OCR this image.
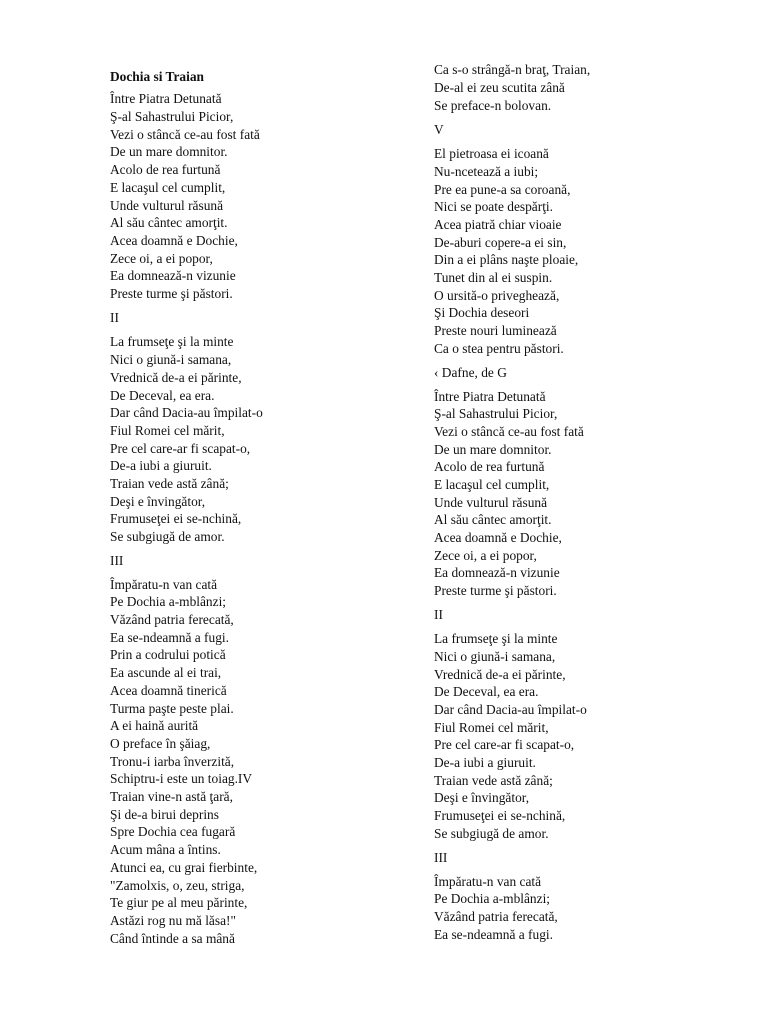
Dochia si Traian
Între Piatra Detunată
Ş-al Sahastrului Picior,
Vezi o stâncă ce-au fost fată
De un mare domnitor.
Acolo de rea furtună
E lacaşul cel cumplit,
Unde vulturul răsună
Al său cântec amorţit.
Acea doamnă e Dochie,
Zece oi, a ei popor,
Ea domnează-n vizunie
Preste turme şi păstori.
II
La frumseţe şi la minte
Nici o giună-i samana,
Vrednică de-a ei părinte,
De Deceval, ea era.
Dar când Dacia-au împilat-o
Fiul Romei cel mărit,
Pre cel care-ar fi scapat-o,
De-a iubi a giuruit.
Traian vede astă zână;
Deşi e învingător,
Frumuseţei ei se-nchină,
Se subgiugă de amor.
III
Împăratu-n van cată
Pe Dochia a-mblânzi;
Văzând patria ferecată,
Ea se-ndeamnă a fugi.
Prin a codrului potică
Ea ascunde al ei trai,
Acea doamnă tinerică
Turma paşte peste plai.
A ei haină aurită
O preface în şăiag,
Tronu-i iarba înverzită,
Schiptru-i este un toiag.IV
Traian vine-n astă ţară,
Şi de-a birui deprins
Spre Dochia cea fugară
Acum mâna a întins.
Atunci ea, cu grai fierbinte,
"Zamolxis, o, zeu, striga,
Te giur pe al meu părinte,
Astăzi rog nu mă lăsa!"
Când întinde a sa mână
Ca s-o strângă-n braţ, Traian,
De-al ei zeu scutita zână
Se preface-n bolovan.
V
El pietroasa ei icoană
Nu-ncetează a iubi;
Pre ea pune-a sa coroană,
Nici se poate despărţi.
Acea piatră chiar vioaie
De-aburi copere-a ei sin,
Din a ei plâns naşte ploaie,
Tunet din al ei suspin.
O ursită-o priveghează,
Şi Dochia deseori
Preste nouri luminează
Ca o stea pentru păstori.
‹ Dafne, de G
Între Piatra Detunată
Ş-al Sahastrului Picior,
Vezi o stâncă ce-au fost fată
De un mare domnitor.
Acolo de rea furtună
E lacaşul cel cumplit,
Unde vulturul răsună
Al său cântec amorţit.
Acea doamnă e Dochie,
Zece oi, a ei popor,
Ea domnează-n vizunie
Preste turme şi păstori.
II
La frumseţe şi la minte
Nici o giună-i samana,
Vrednică de-a ei părinte,
De Deceval, ea era.
Dar când Dacia-au împilat-o
Fiul Romei cel mărit,
Pre cel care-ar fi scapat-o,
De-a iubi a giuruit.
Traian vede astă zână;
Deşi e învingător,
Frumuseţei ei se-nchină,
Se subgiugă de amor.
III
Împăratu-n van cată
Pe Dochia a-mblânzi;
Văzând patria ferecată,
Ea se-ndeamnă a fugi.
